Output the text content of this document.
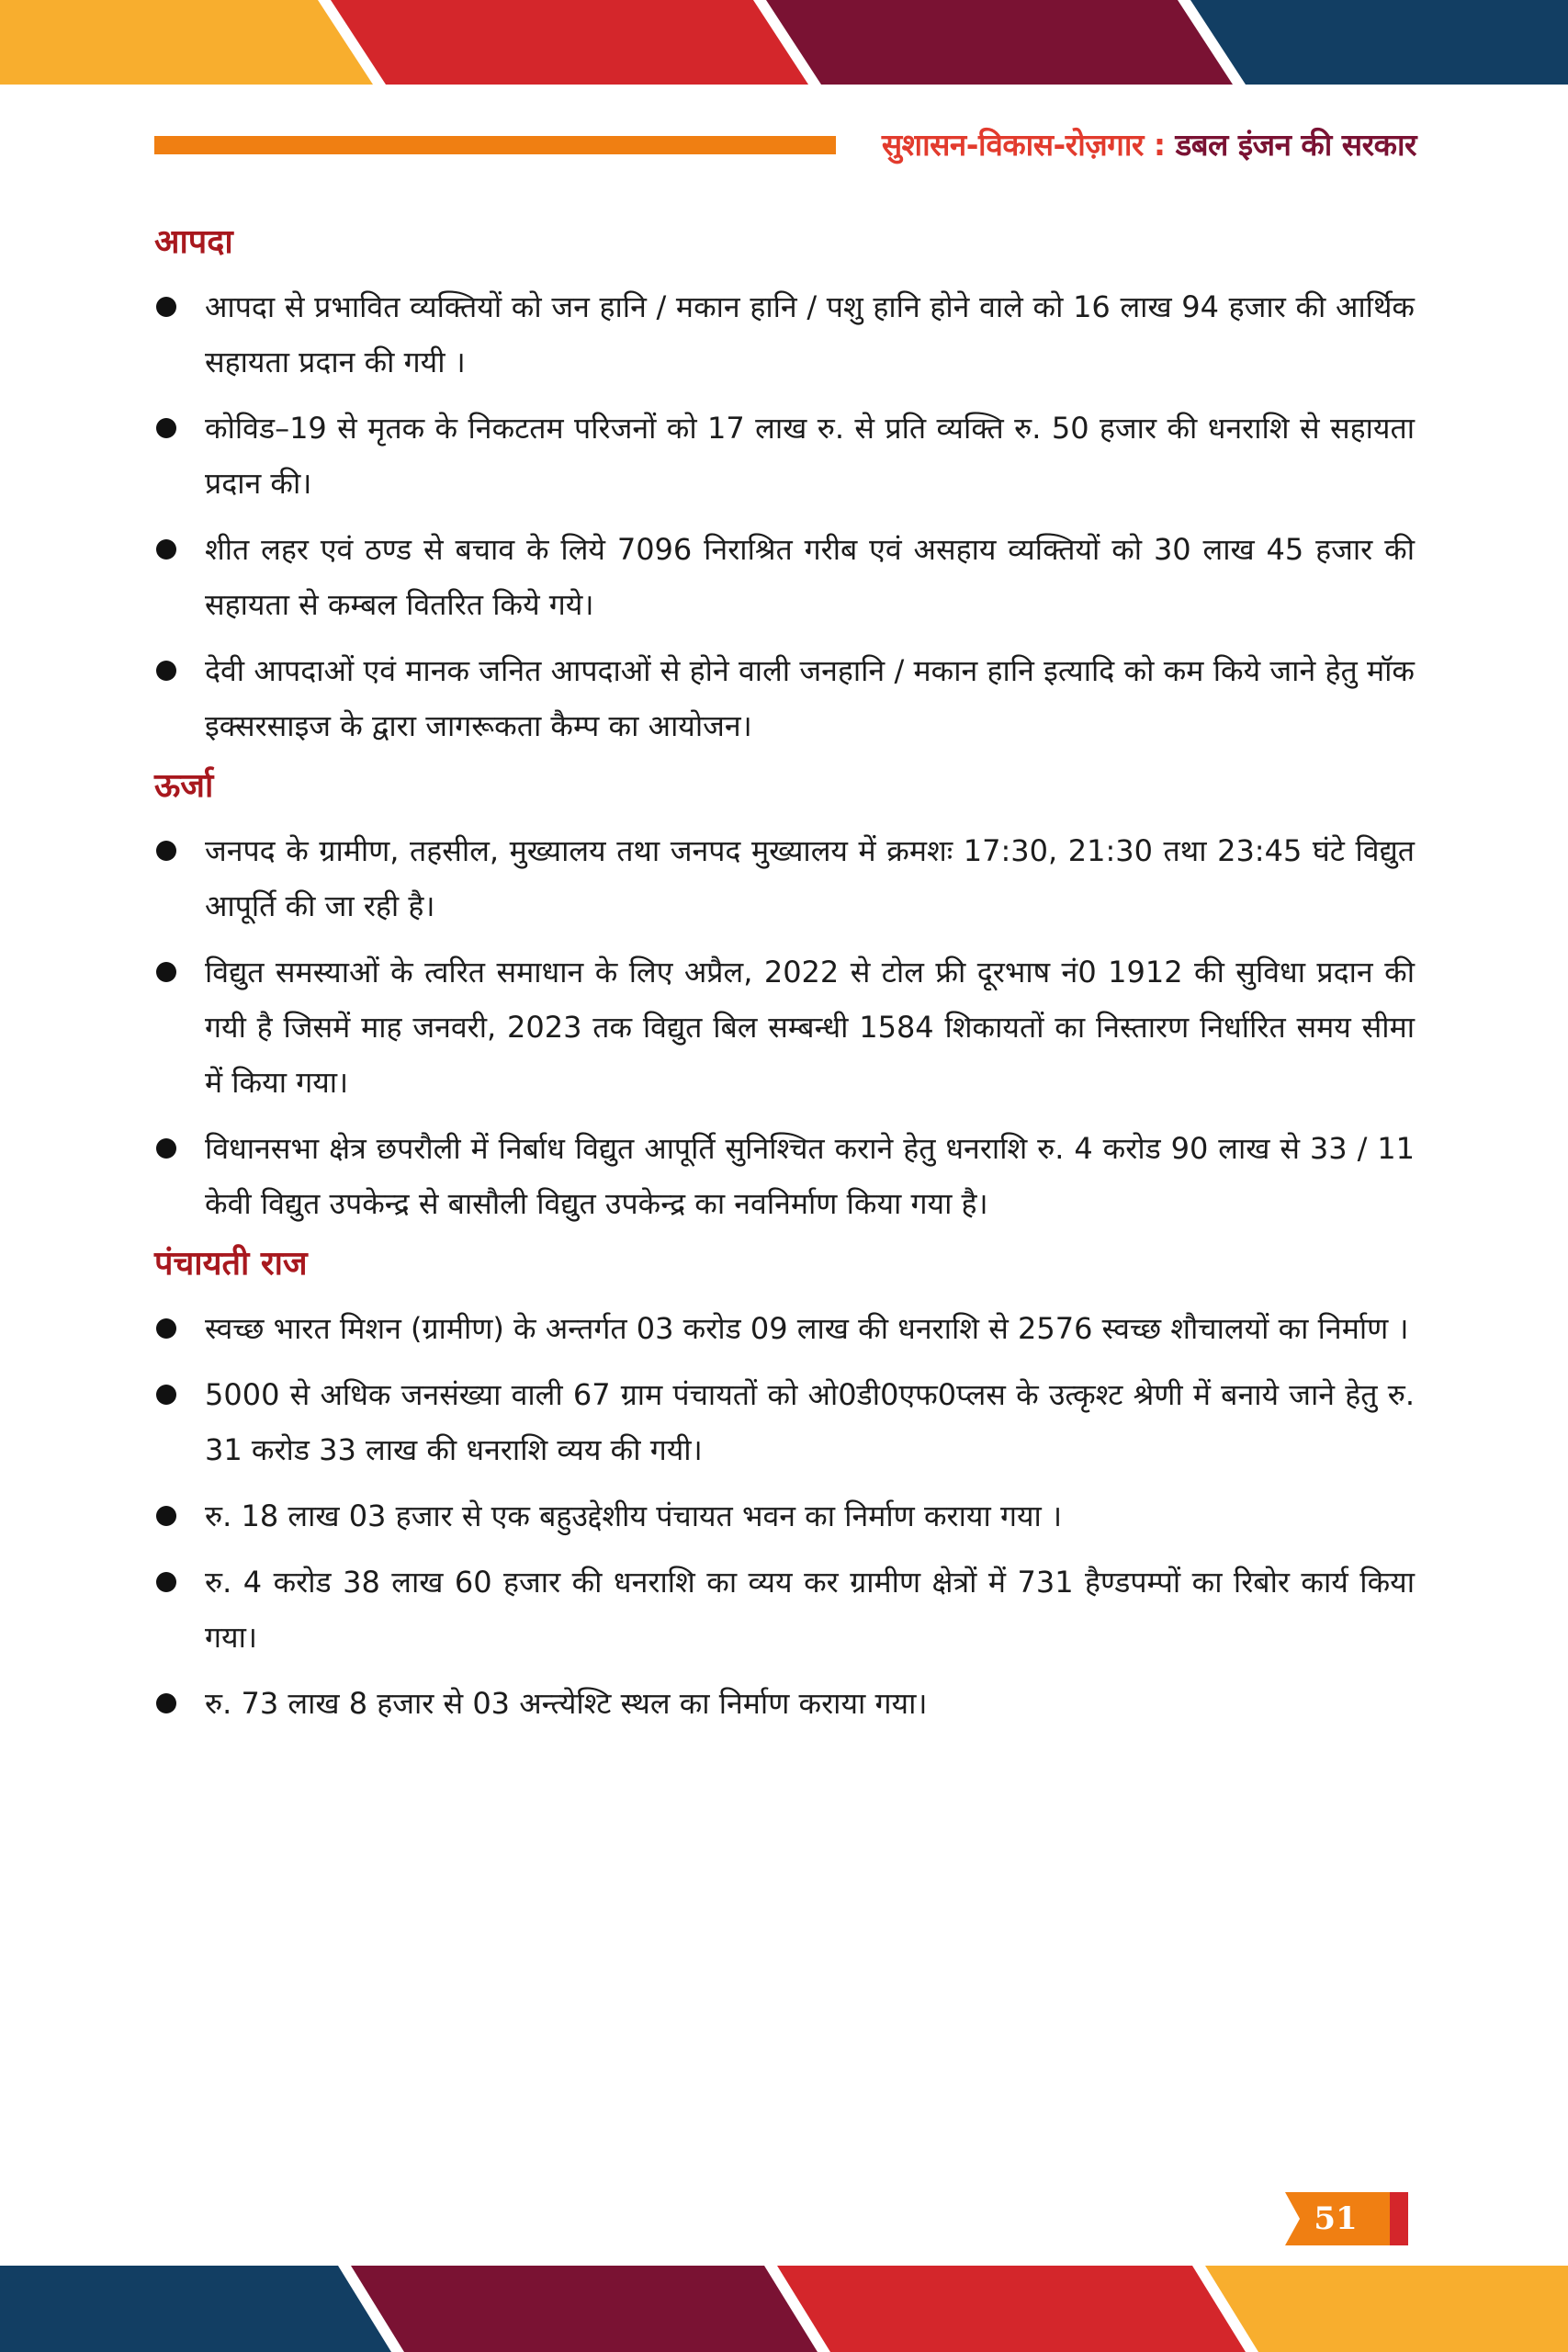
सुशासन-विकास-रोज़गार : डबल इंजन की सरकार
आपदा
आपदा से प्रभावित व्यक्तियों को जन हानि / मकान हानि / पशु हानि होने वाले को 16 लाख 94 हजार की आर्थिक सहायता प्रदान की गयी ।
कोविड–19 से मृतक के निकटतम परिजनों को 17 लाख रु. से प्रति व्यक्ति रु. 50 हजार की धनराशि से सहायता प्रदान की।
शीत लहर एवं ठण्ड से बचाव के लिये 7096 निराश्रित गरीब एवं असहाय व्यक्तियों को 30 लाख 45 हजार की सहायता से कम्बल वितरित किये गये।
देवी आपदाओं एवं मानक जनित आपदाओं से होने वाली जनहानि / मकान हानि इत्यादि को कम किये जाने हेतु मॉक इक्सरसाइज के द्वारा जागरूकता कैम्प का आयोजन।
ऊर्जा
जनपद के ग्रामीण, तहसील, मुख्यालय तथा जनपद मुख्यालय में क्रमशः 17:30, 21:30 तथा 23:45 घंटे विद्युत आपूर्ति की जा रही है।
विद्युत समस्याओं के त्वरित समाधान के लिए अप्रैल, 2022 से टोल फ्री दूरभाष नं0 1912 की सुविधा प्रदान की गयी है जिसमें माह जनवरी, 2023 तक विद्युत बिल सम्बन्धी 1584 शिकायतों का निस्तारण निर्धारित समय सीमा में किया गया।
विधानसभा क्षेत्र छपरौली में निर्बाध विद्युत आपूर्ति सुनिश्चित कराने हेतु धनराशि रु. 4 करोड 90 लाख से 33 / 11 केवी विद्युत उपकेन्द्र से बासौली विद्युत उपकेन्द्र का नवनिर्माण किया गया है।
पंचायती राज
स्वच्छ भारत मिशन (ग्रामीण) के अन्तर्गत 03 करोड 09 लाख की धनराशि से 2576 स्वच्छ शौचालयों का निर्माण ।
5000 से अधिक जनसंख्या वाली 67 ग्राम पंचायतों को ओ0डी0एफ0प्लस के उत्कृश्ट श्रेणी में बनाये जाने हेतु रु. 31 करोड 33 लाख की धनराशि व्यय की गयी।
रु. 18 लाख 03 हजार से एक बहुउद्देशीय पंचायत भवन का निर्माण कराया गया ।
रु. 4 करोड 38 लाख 60 हजार की धनराशि का व्यय कर ग्रामीण क्षेत्रों में 731 हैण्डपम्पों का रिबोर कार्य किया गया।
रु. 73 लाख 8 हजार से 03 अन्त्येश्टि स्थल का निर्माण कराया गया।
51
